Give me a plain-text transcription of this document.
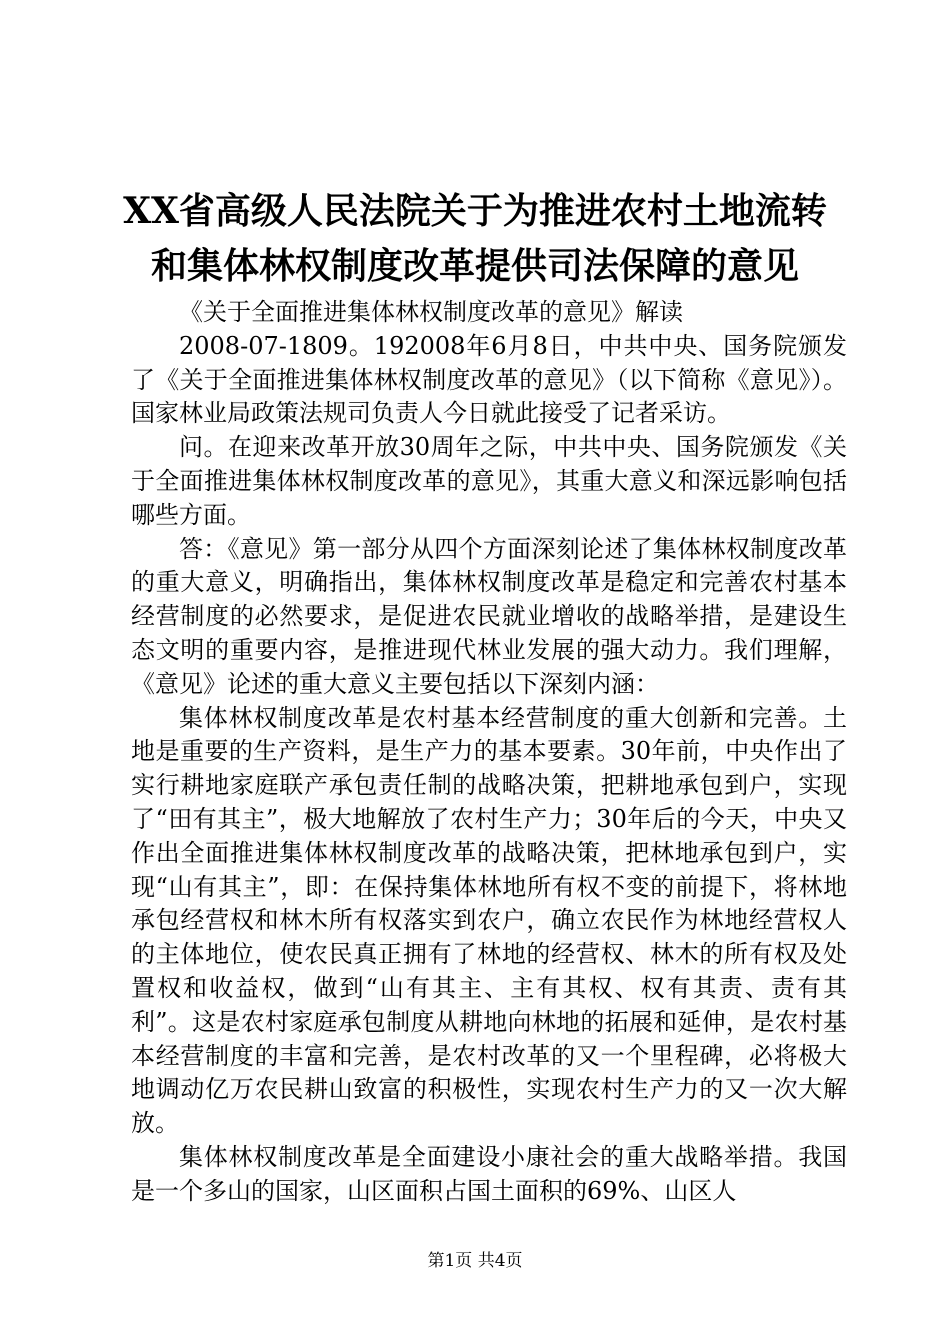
XX省高级人民法院关于为推进农村土地流转
和集体林权制度改革提供司法保障的意见

《关于全面推进集体林权制度改革的意见》解读

2008-07-1809。192008年6月8日，中共中央、国务院颁发了《关于全面推进集体林权制度改革的意见》（以下简称《意见》）。国家林业局政策法规司负责人今日就此接受了记者采访。

问。在迎来改革开放30周年之际，中共中央、国务院颁发《关于全面推进集体林权制度改革的意见》，其重大意义和深远影响包括哪些方面。

答：《意见》第一部分从四个方面深刻论述了集体林权制度改革的重大意义，明确指出，集体林权制度改革是稳定和完善农村基本经营制度的必然要求，是促进农民就业增收的战略举措，是建设生态文明的重要内容，是推进现代林业发展的强大动力。我们理解，《意见》论述的重大意义主要包括以下深刻内涵：

集体林权制度改革是农村基本经营制度的重大创新和完善。土地是重要的生产资料，是生产力的基本要素。30年前，中央作出了实行耕地家庭联产承包责任制的战略决策，把耕地承包到户，实现了“田有其主”，极大地解放了农村生产力；30年后的今天，中央又作出全面推进集体林权制度改革的战略决策，把林地承包到户，实现“山有其主”，即：在保持集体林地所有权不变的前提下，将林地承包经营权和林木所有权落实到农户，确立农民作为林地经营权人的主体地位，使农民真正拥有了林地的经营权、林木的所有权及处置权和收益权，做到“山有其主、主有其权、权有其责、责有其利”。这是农村家庭承包制度从耕地向林地的拓展和延伸，是农村基本经营制度的丰富和完善，是农村改革的又一个里程碑，必将极大地调动亿万农民耕山致富的积极性，实现农村生产力的又一次大解放。

集体林权制度改革是全面建设小康社会的重大战略举措。我国是一个多山的国家，山区面积占国土面积的69%、山区人

第1页 共4页
